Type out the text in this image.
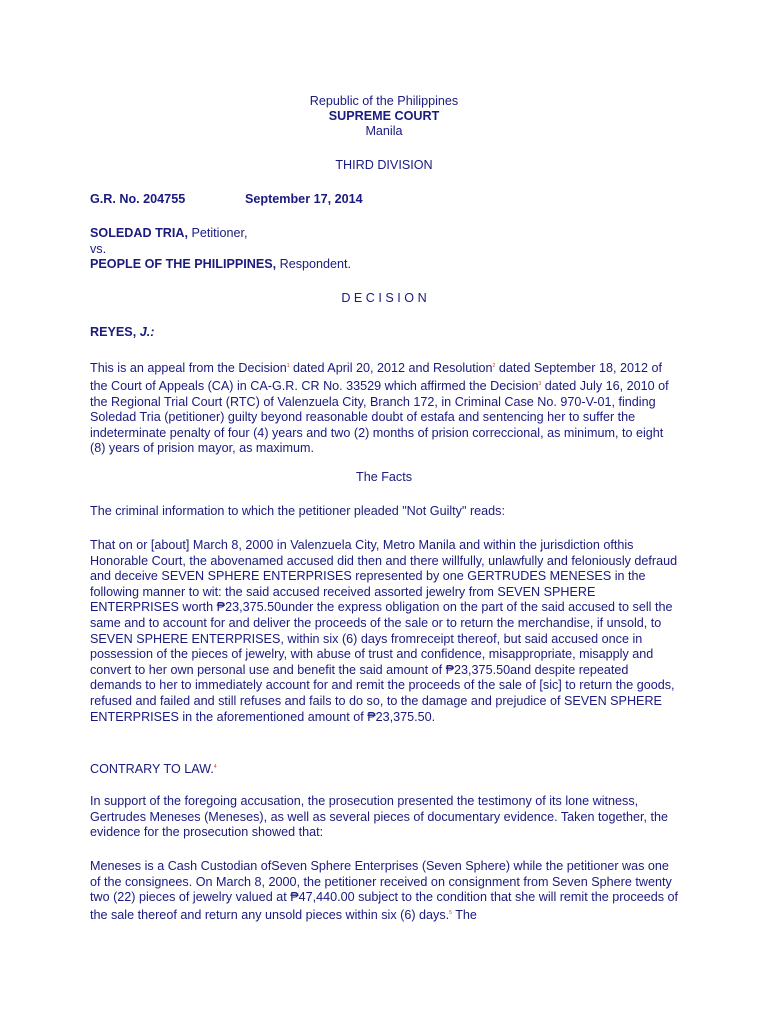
Republic of the Philippines
SUPREME COURT
Manila
THIRD DIVISION
G.R. No. 204755	September 17, 2014
SOLEDAD TRIA, Petitioner,
vs.
PEOPLE OF THE PHILIPPINES, Respondent.
D E C I S I O N
REYES, J.:

This is an appeal from the Decision$^1$ dated April 20, 2012 and Resolution$^2$ dated September 18, 2012 of the Court of Appeals (CA) in CA-G.R. CR No. 33529 which affirmed the Decision$^3$ dated July 16, 2010 of the Regional Trial Court (RTC) of Valenzuela City, Branch 172, in Criminal Case No. 970-V-01, finding Soledad Tria (petitioner) guilty beyond reasonable doubt of estafa and sentencing her to suffer the indeterminate penalty of four (4) years and two (2) months of prision correccional, as minimum, to eight (8) years of prision mayor, as maximum.

The Facts

The criminal information to which the petitioner pleaded "Not Guilty" reads:

That on or [about] March 8, 2000 in Valenzuela City, Metro Manila and within the jurisdiction ofthis Honorable Court, the abovenamed accused did then and there willfully, unlawfully and feloniously defraud and deceive SEVEN SPHERE ENTERPRISES represented by one GERTRUDES MENESES in the following manner to wit: the said accused received assorted jewelry from SEVEN SPHERE ENTERPRISES worth ₱23,375.50under the express obligation on the part of the said accused to sell the same and to account for and deliver the proceeds of the sale or to return the merchandise, if unsold, to SEVEN SPHERE ENTERPRISES, within six (6) days fromreceipt thereof, but said accused once in possession of the pieces of jewelry, with abuse of trust and confidence, misappropriate, misapply and convert to her own personal use and benefit the said amount of ₱23,375.50and despite repeated demands to her to immediately account for and remit the proceeds of the sale of [sic] to return the goods, refused and failed and still refuses and fails to do so, to the damage and prejudice of SEVEN SPHERE ENTERPRISES in the aforementioned amount of ₱23,375.50.

CONTRARY TO LAW.$^4$

In support of the foregoing accusation, the prosecution presented the testimony of its lone witness, Gertrudes Meneses (Meneses), as well as several pieces of documentary evidence. Taken together, the evidence for the prosecution showed that:

Meneses is a Cash Custodian ofSeven Sphere Enterprises (Seven Sphere) while the petitioner was one of the consignees. On March 8, 2000, the petitioner received on consignment from Seven Sphere twenty two (22) pieces of jewelry valued at ₱47,440.00 subject to the condition that she will remit the proceeds of the sale thereof and return any unsold pieces within six (6) days.$^5$ The
